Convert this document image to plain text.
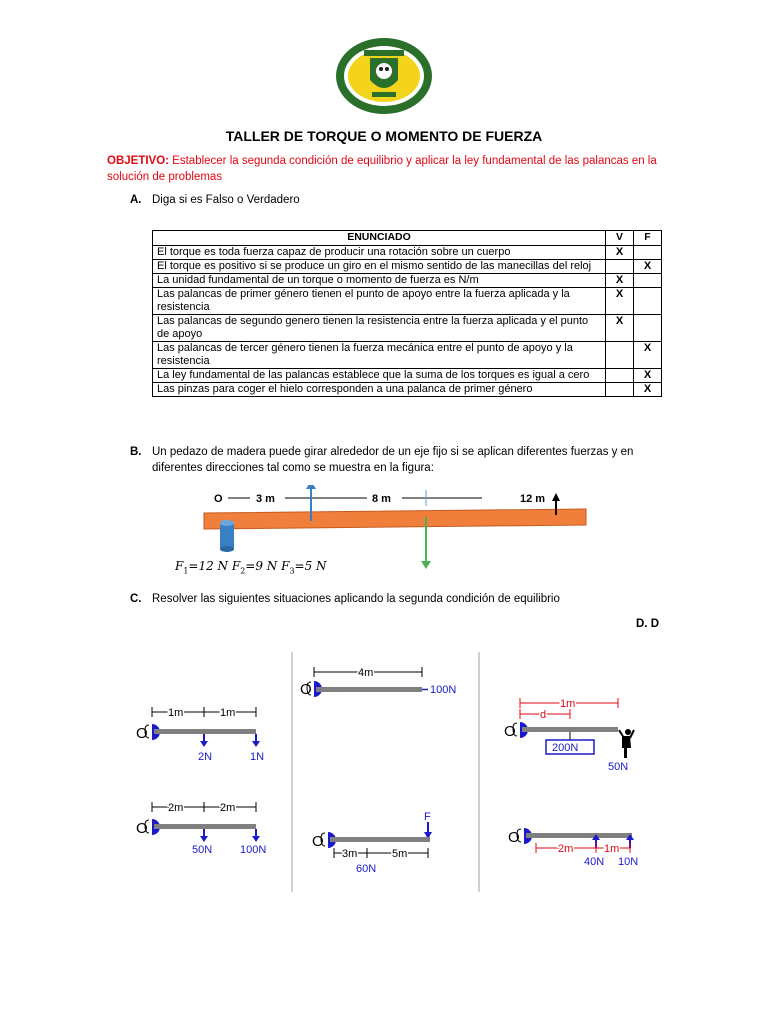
TALLER DE TORQUE O MOMENTO DE FUERZA
OBJETIVO: Establecer la segunda condición de equilibrio y aplicar la ley fundamental de las palancas en la solución de problemas
A. Diga si es Falso o Verdadero
ENUNCIADO	V	F
El torque es toda fuerza capaz de producir una rotación sobre un cuerpo	X	
El torque es positivo si se produce un giro en el mismo sentido de las manecillas del reloj		X
La unidad fundamental de un torque o momento de fuerza es N/m	X	
Las palancas de primer género tienen el punto de apoyo entre la fuerza aplicada y la resistencia	X	
Las palancas de segundo genero tienen la resistencia entre la fuerza aplicada y el punto de apoyo	X	
Las palancas de tercer género tienen la fuerza mecánica entre el punto de apoyo y la resistencia		X
La ley fundamental de las palancas establece que la suma de los torques es igual a cero		X
Las pinzas para coger el hielo corresponden a una palanca de primer género		X
B. Un pedazo de madera puede girar alrededor de un eje fijo si se aplican diferentes fuerzas y en diferentes direcciones tal como se muestra en la figura:
O	3 m	8 m	12 m
$F_1=12$ N $F_2=9$ N $F_3=5$ N
C. Resolver las siguientes situaciones aplicando la segunda condición de equilibrio
D. D
1m	1m
O
2N	1N
2m	2m
O
50N	100N
4m
O	100N
F
O
3m	5m
60N
1m
d
O
200N
50N
O
2m	1m
40N 10N
